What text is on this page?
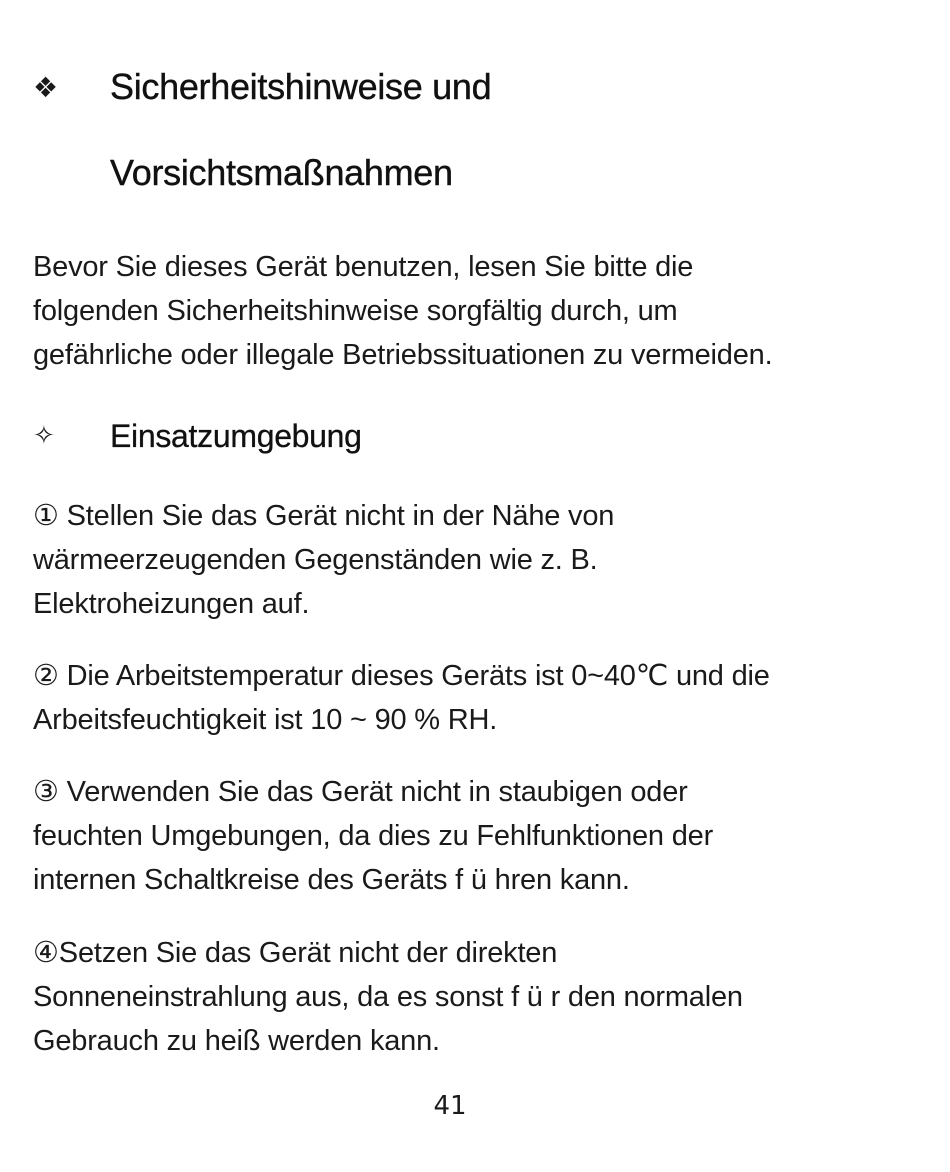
❖ Sicherheitshinweise und
Vorsichtsmaßnahmen

Bevor Sie dieses Gerät benutzen, lesen Sie bitte die
folgenden Sicherheitshinweise sorgfältig durch, um
gefährliche oder illegale Betriebssituationen zu vermeiden.

✧ Einsatzumgebung

① Stellen Sie das Gerät nicht in der Nähe von
wärmeerzeugenden Gegenständen wie z. B.
Elektroheizungen auf.

② Die Arbeitstemperatur dieses Geräts ist 0~40℃ und die
Arbeitsfeuchtigkeit ist 10 ~ 90 % RH.

③ Verwenden Sie das Gerät nicht in staubigen oder
feuchten Umgebungen, da dies zu Fehlfunktionen der
internen Schaltkreise des Geräts f ü hren kann.

④Setzen Sie das Gerät nicht der direkten
Sonneneinstrahlung aus, da es sonst f ü r den normalen
Gebrauch zu heiß werden kann.

41
